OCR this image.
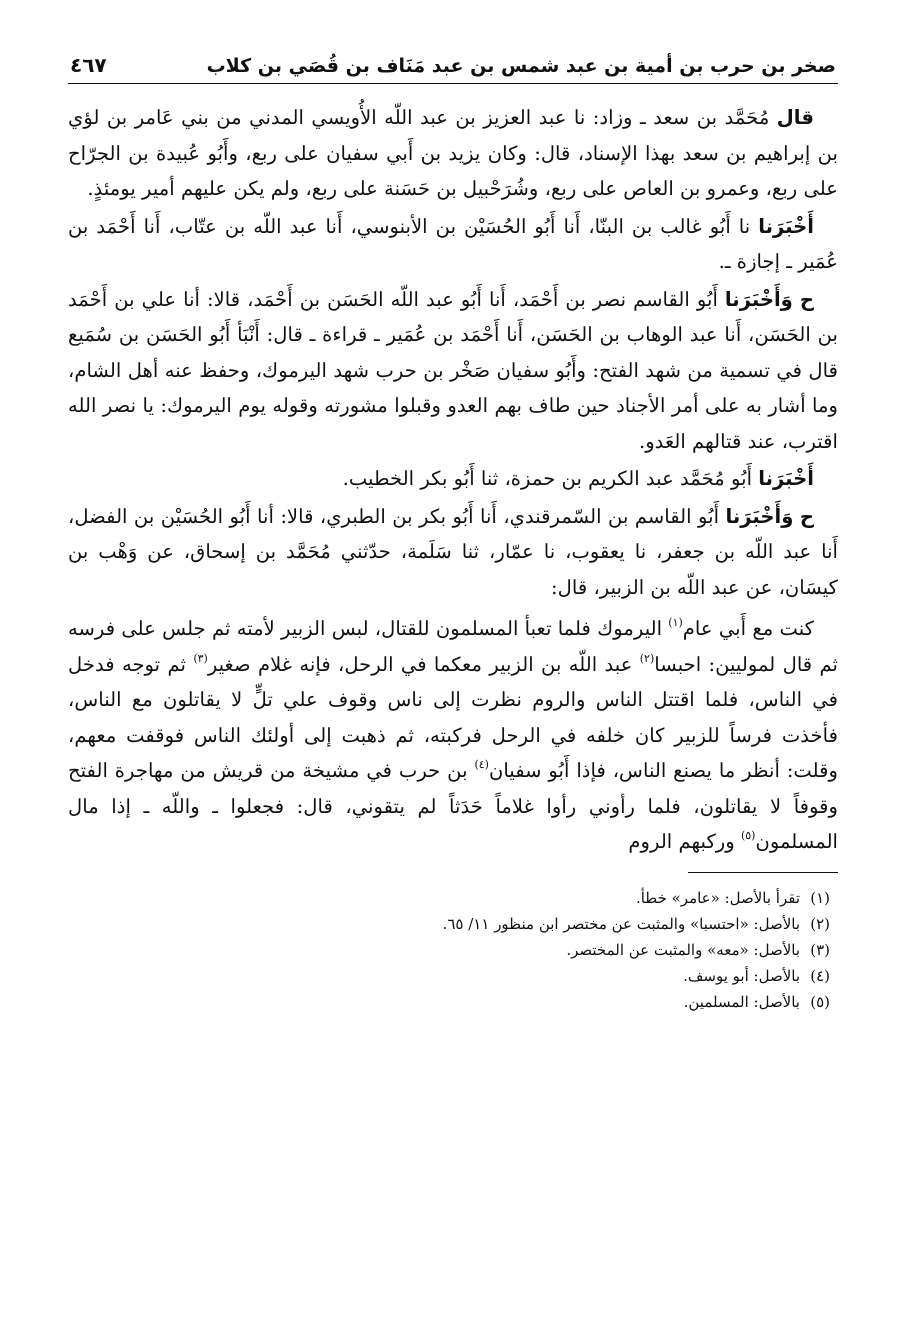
صخر بن حرب بن أمية بن عبد شمس بن عبد مَنَاف بن قُصَي بن كلاب
٤٦٧

قال مُحَمَّد بن سعد ـ وزاد: نا عبد العزيز بن عبد اللّه الأُويسي المدني من بني عَامر بن لؤي بن إبراهيم بن سعد بهذا الإسناد، قال: وكان يزيد بن أَبي سفيان على ربع، وأَبُو عُبيدة بن الجرّاح على ربع، وعمرو بن العاص على ربع، وشُرَحْبيل بن حَسَنة على ربع، ولم يكن عليهم أمير يومئذٍ.

أَخْبَرَنا نا أَبُو غالب بن البنّا، أَنا أَبُو الحُسَيْن بن الأبنوسي، أَنا عبد اللّه بن عتّاب، أَنا أَحْمَد بن عُمَير ـ إجازة ـ.

ح وَأَخْبَرَنا أَبُو القاسم نصر بن أَحْمَد، أَنا أَبُو عبد اللّه الحَسَن بن أَحْمَد، قالا: أنا علي بن أَحْمَد بن الحَسَن، أَنا عبد الوهاب بن الحَسَن، أَنا أَحْمَد بن عُمَير ـ قراءة ـ قال: أَنْبَأ أَبُو الحَسَن بن سُمَيع قال في تسمية من شهد الفتح: وأَبُو سفيان صَخْر بن حرب شهد اليرموك، وحفظ عنه أهل الشام، وما أشار به على أمر الأجناد حين طاف بهم العدو وقبلوا مشورته وقوله يوم اليرموك: يا نصر الله اقترب، عند قتالهم العَدو.

أَخْبَرَنا أَبُو مُحَمَّد عبد الكريم بن حمزة، ثنا أَبُو بكر الخطيب.

ح وَأَخْبَرَنا أَبُو القاسم بن السّمرقندي، أَنا أَبُو بكر بن الطبري، قالا: أنا أَبُو الحُسَيْن بن الفضل، أَنا عبد اللّه بن جعفر، نا يعقوب، نا عمّار، ثنا سَلَمة، حدّثني مُحَمَّد بن إسحاق، عن وَهْب بن كيسَان، عن عبد اللّه بن الزبير، قال:

كنت مع أَبي عام$^{(١)}$ اليرموك فلما تعبأ المسلمون للقتال، لبس الزبير لأمته ثم جلس على فرسه ثم قال لموليين: احبسا$^{(٢)}$ عبد اللّه بن الزبير معكما في الرحل، فإنه غلام صغير$^{(٣)}$ ثم توجه فدخل في الناس، فلما اقتتل الناس والروم نظرت إلى ناس وقوف علي تلٍّ لا يقاتلون مع الناس، فأخذت فرساً للزبير كان خلفه في الرحل فركبته، ثم ذهبت إلى أولئك الناس فوقفت معهم، وقلت: أنظر ما يصنع الناس، فإذا أَبُو سفيان$^{(٤)}$ بن حرب في مشيخة من قريش من مهاجرة الفتح وقوفاً لا يقاتلون، فلما رأوني رأوا غلاماً حَدَثاً لم يتقوني، قال: فجعلوا ـ واللّه ـ إذا مال المسلمون$^{(٥)}$ وركبهم الروم

(١)
تقرأ بالأصل: «عامر» خطأ.
(٢)
بالأصل: «احتسبا» والمثبت عن مختصر ابن منظور ١١/ ٦٥.
(٣)
بالأصل: «معه» والمثبت عن المختصر.
(٤)
بالأصل: أبو يوسف.
(٥)
بالأصل: المسلمين.
